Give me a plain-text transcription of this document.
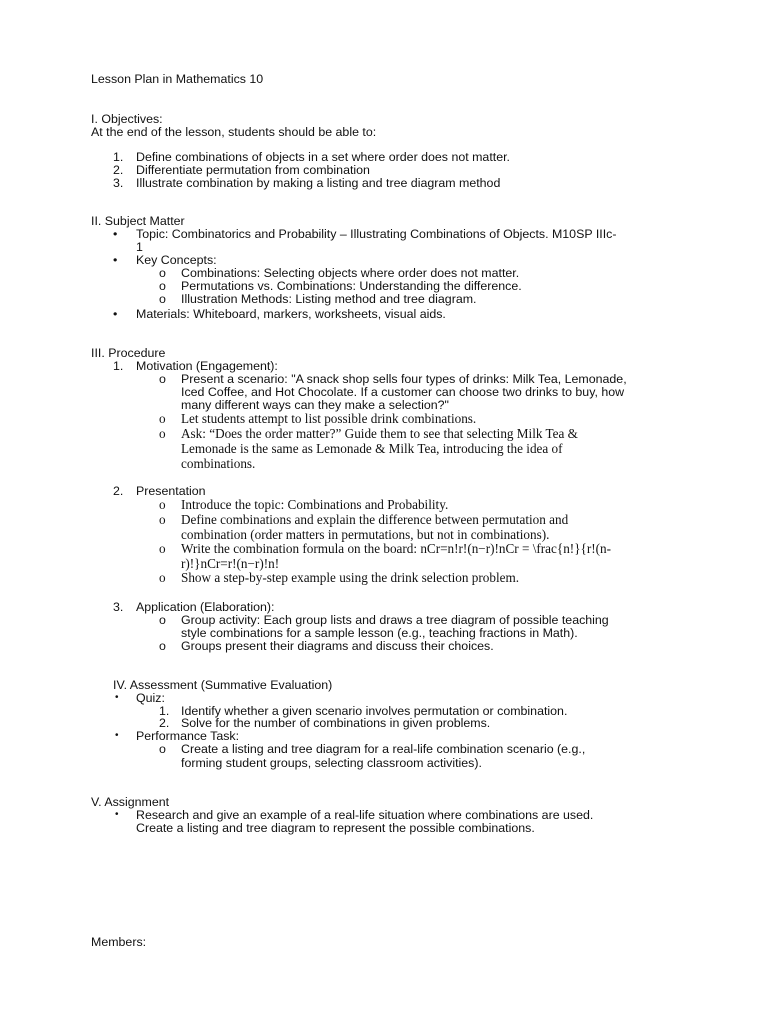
Lesson Plan in Mathematics 10
I. Objectives:
At the end of the lesson, students should be able to:
1. Define combinations of objects in a set where order does not matter.
2. Differentiate permutation from combination
3. Illustrate combination by making a listing and tree diagram method
II. Subject Matter
• Topic: Combinatorics and Probability – Illustrating Combinations of Objects. M10SP IIIc-
1
• Key Concepts:
o Combinations: Selecting objects where order does not matter.
o Permutations vs. Combinations: Understanding the difference.
o Illustration Methods: Listing method and tree diagram.
• Materials: Whiteboard, markers, worksheets, visual aids.
III. Procedure
1. Motivation (Engagement):
o Present a scenario: "A snack shop sells four types of drinks: Milk Tea, Lemonade,
Iced Coffee, and Hot Chocolate. If a customer can choose two drinks to buy, how
many different ways can they make a selection?"
o Let students attempt to list possible drink combinations.
o Ask: “Does the order matter?” Guide them to see that selecting Milk Tea &
Lemonade is the same as Lemonade & Milk Tea, introducing the idea of
combinations.
2. Presentation
o Introduce the topic: Combinations and Probability.
o Define combinations and explain the difference between permutation and
combination (order matters in permutations, but not in combinations).
o Write the combination formula on the board: nCr=n!r!(n−r)!nCr = \frac{n!}{r!(n-
r)!}nCr=r!(n−r)!n!
o Show a step-by-step example using the drink selection problem.
3. Application (Elaboration):
o Group activity: Each group lists and draws a tree diagram of possible teaching
style combinations for a sample lesson (e.g., teaching fractions in Math).
o Groups present their diagrams and discuss their choices.
IV. Assessment (Summative Evaluation)
• Quiz:
1. Identify whether a given scenario involves permutation or combination.
2. Solve for the number of combinations in given problems.
• Performance Task:
o Create a listing and tree diagram for a real-life combination scenario (e.g.,
forming student groups, selecting classroom activities).
V. Assignment
• Research and give an example of a real-life situation where combinations are used.
Create a listing and tree diagram to represent the possible combinations.
Members:
